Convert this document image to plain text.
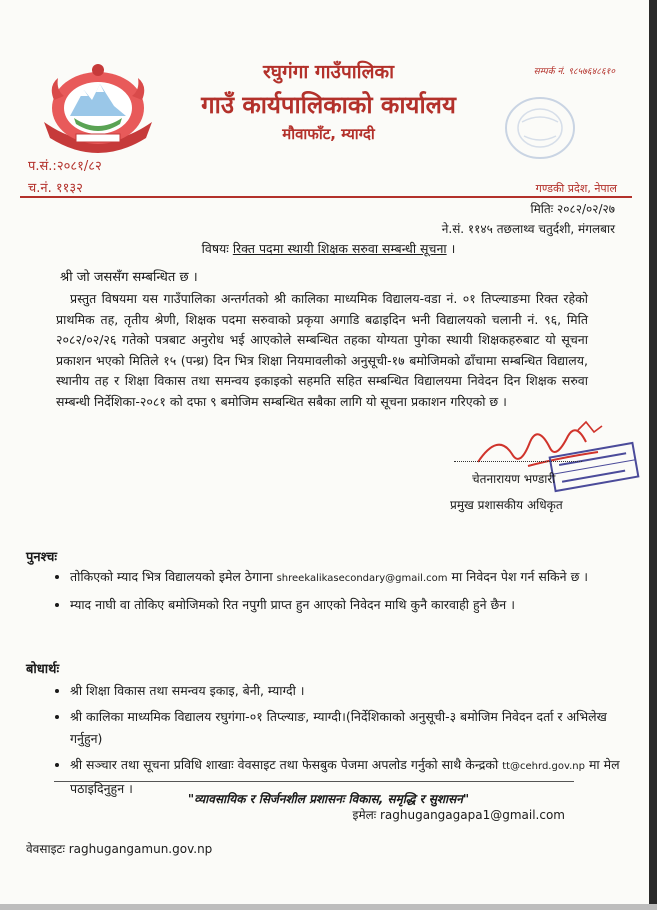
रघुगंगा गाउँपालिका
गाउँ कार्यपालिकाको कार्यालय
मौवाफाँट, म्याग्दी
सम्पर्क नं. ९८५७६४८६१०
प.सं.:२०८१/८२
च.नं. ११३२	गण्डकी प्रदेश, नेपाल
मितिः २०८२/०२/२७
ने.सं. ११४५ तछलाथ्व चतुर्दशी, मंगलबार
विषयः रिक्त पदमा स्थायी शिक्षक सरुवा सम्बन्धी सूचना ।
श्री जो जससँग सम्बन्धित छ ।
प्रस्तुत विषयमा यस गाउँपालिका अन्तर्गतको श्री कालिका माध्यमिक विद्यालय-वडा नं. ०१ तिप्ल्याङमा रिक्त रहेको प्राथमिक तह, तृतीय श्रेणी, शिक्षक पदमा सरुवाको प्रकृया अगाडि बढाइदिन भनी विद्यालयको चलानी नं. ९६, मिति २०८२/०२/२६ गतेको पत्रबाट अनुरोध भई आएकोले सम्बन्धित तहका योग्यता पुगेका स्थायी शिक्षकहरुबाट यो सूचना प्रकाशन भएको मितिले १५ (पन्ध्र) दिन भित्र शिक्षा नियमावलीको अनुसूची-१७ बमोजिमको ढाँचामा सम्बन्धित विद्यालय, स्थानीय तह र शिक्षा विकास तथा समन्वय इकाइको सहमति सहित सम्बन्धित विद्यालयमा निवेदन दिन शिक्षक सरुवा सम्बन्धी निर्देशिका-२०८१ को दफा ९ बमोजिम सम्बन्धित सबैका लागि यो सूचना प्रकाशन गरिएको छ ।
चेतनारायण भण्डारी
प्रमुख प्रशासकीय अधिकृत
पुनश्चः
• तोकिएको म्याद भित्र विद्यालयको इमेल ठेगाना shreekalikasecondary@gmail.com मा निवेदन पेश गर्न सकिने छ ।
• म्याद नाघी वा तोकिए बमोजिमको रित नपुगी प्राप्त हुन आएको निवेदन माथि कुनै कारवाही हुने छैन ।
बोधार्थः
• श्री शिक्षा विकास तथा समन्वय इकाइ, बेनी, म्याग्दी ।
• श्री कालिका माध्यमिक विद्यालय रघुगंगा-०१ तिप्ल्याङ, म्याग्दी।(निर्देशिकाको अनुसूची-३ बमोजिम निवेदन दर्ता र अभिलेख गर्नुहुन)
• श्री सञ्चार तथा सूचना प्रविधि शाखाः वेवसाइट तथा फेसबुक पेजमा अपलोड गर्नुको साथै केन्द्रको tt@cehrd.gov.np मा मेल पठाइदिनुहुन ।
"व्यावसायिक र सिर्जनशील प्रशासनः विकास, समृद्धि र सुशासन"
इमेलः raghugangagapa1@gmail.com
वेवसाइटः raghugangamun.gov.np
